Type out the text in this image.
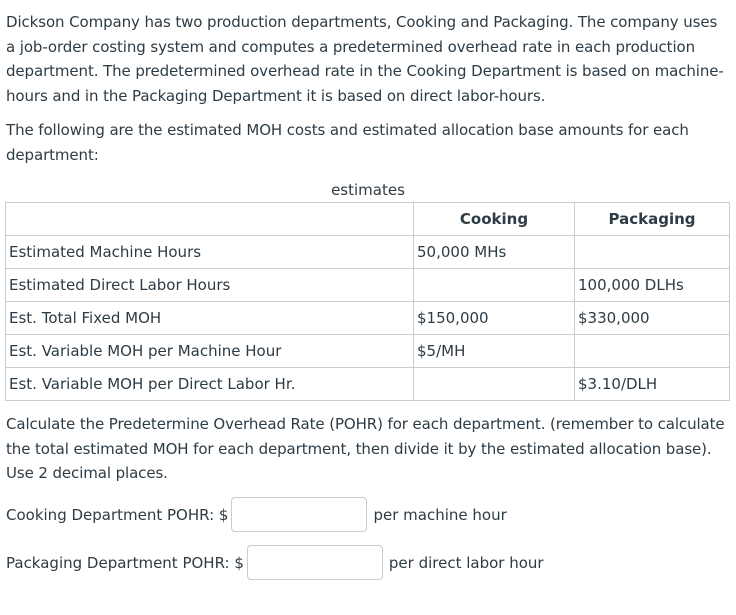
Dickson Company has two production departments, Cooking and Packaging. The company uses a job-order costing system and computes a predetermined overhead rate in each production department. The predetermined overhead rate in the Cooking Department is based on machine-hours and in the Packaging Department it is based on direct labor-hours.

The following are the estimated MOH costs and estimated allocation base amounts for each department:

estimates
	Cooking	Packaging
Estimated Machine Hours	50,000 MHs	
Estimated Direct Labor Hours		100,000 DLHs
Est. Total Fixed MOH	$150,000	$330,000
Est. Variable MOH per Machine Hour	$5/MH	
Est. Variable MOH per Direct Labor Hr.		$3.10/DLH

Calculate the Predetermine Overhead Rate (POHR) for each department. (remember to calculate the total estimated MOH for each department, then divide it by the estimated allocation base). Use 2 decimal places.

Cooking Department POHR: $	per machine hour
Packaging Department POHR: $	per direct labor hour
